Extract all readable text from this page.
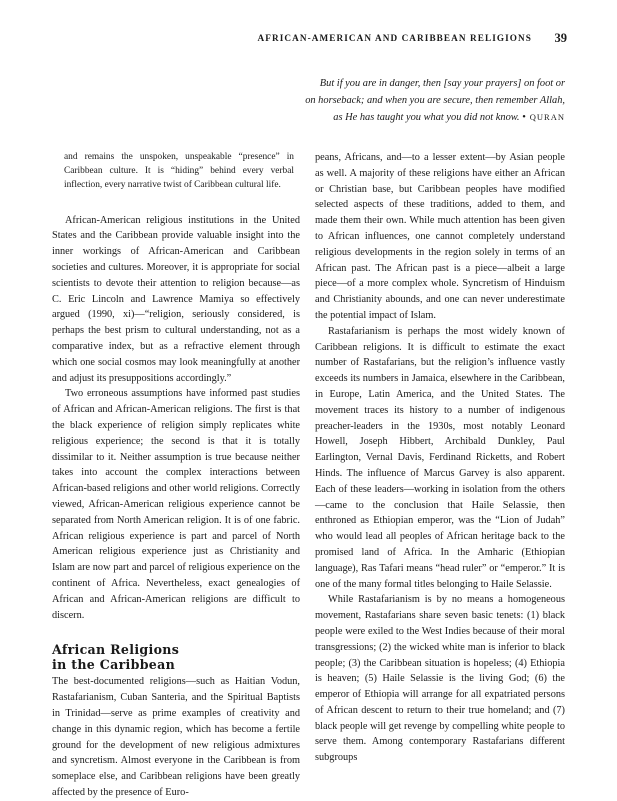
AFRICAN-AMERICAN AND CARIBBEAN RELIGIONS 39
But if you are in danger, then [say your prayers] on foot or
on horseback; and when you are secure, then remember Allah,
as He has taught you what you did not know. • QURAN

and remains the unspoken, unspeakable “presence” in Caribbean culture. It is “hiding” behind every verbal inflection, every narrative twist of Caribbean cultural life.

African-American religious institutions in the United States and the Caribbean provide valuable insight into the inner workings of African-American and Caribbean societies and cultures. Moreover, it is appropriate for social scientists to devote their attention to religion because—as C. Eric Lincoln and Lawrence Mamiya so effectively argued (1990, xi)—“religion, seriously considered, is perhaps the best prism to cultural understanding, not as a comparative index, but as a refractive element through which one social cosmos may look meaningfully at another and adjust its presuppositions accordingly.”

Two erroneous assumptions have informed past studies of African and African-American religions. The first is that the black experience of religion simply replicates white religious experience; the second is that it is totally dissimilar to it. Neither assumption is true because neither takes into account the complex interactions between African-based religions and other world religions. Correctly viewed, African-American religious experience cannot be separated from North American religion. It is of one fabric. African religious experience is part and parcel of North American religious experience just as Christianity and Islam are now part and parcel of religious experience on the continent of Africa. Nevertheless, exact genealogies of African and African-American religions are difficult to discern.

African Religions
in the Caribbean

The best-documented religions—such as Haitian Vodun, Rastafarianism, Cuban Santeria, and the Spiritual Baptists in Trinidad—serve as prime examples of creativity and change in this dynamic region, which has become a fertile ground for the development of new religious admixtures and syncretism. Almost everyone in the Caribbean is from someplace else, and Caribbean religions have been greatly affected by the presence of Euro-

peans, Africans, and—to a lesser extent—by Asian people as well. A majority of these religions have either an African or Christian base, but Caribbean peoples have modified selected aspects of these traditions, added to them, and made them their own. While much attention has been given to African influences, one cannot completely understand religious developments in the region solely in terms of an African past. The African past is a piece—albeit a large piece—of a more complex whole. Syncretism of Hinduism and Christianity abounds, and one can never underestimate the potential impact of Islam.

Rastafarianism is perhaps the most widely known of Caribbean religions. It is difficult to estimate the exact number of Rastafarians, but the religion’s influence vastly exceeds its numbers in Jamaica, elsewhere in the Caribbean, in Europe, Latin America, and the United States. The movement traces its history to a number of indigenous preacher-leaders in the 1930s, most notably Leonard Howell, Joseph Hibbert, Archibald Dunkley, Paul Earlington, Vernal Davis, Ferdinand Ricketts, and Robert Hinds. The influence of Marcus Garvey is also apparent. Each of these leaders—working in isolation from the others—came to the conclusion that Haile Selassie, then enthroned as Ethiopian emperor, was the “Lion of Judah” who would lead all peoples of African heritage back to the promised land of Africa. In the Amharic (Ethiopian language), Ras Tafari means “head ruler” or “emperor.” It is one of the many formal titles belonging to Haile Selassie.

While Rastafarianism is by no means a homogeneous movement, Rastafarians share seven basic tenets: (1) black people were exiled to the West Indies because of their moral transgressions; (2) the wicked white man is inferior to black people; (3) the Caribbean situation is hopeless; (4) Ethiopia is heaven; (5) Haile Selassie is the living God; (6) the emperor of Ethiopia will arrange for all expatriated persons of African descent to return to their true homeland; and (7) black people will get revenge by compelling white people to serve them. Among contemporary Rastafarians different subgroups
